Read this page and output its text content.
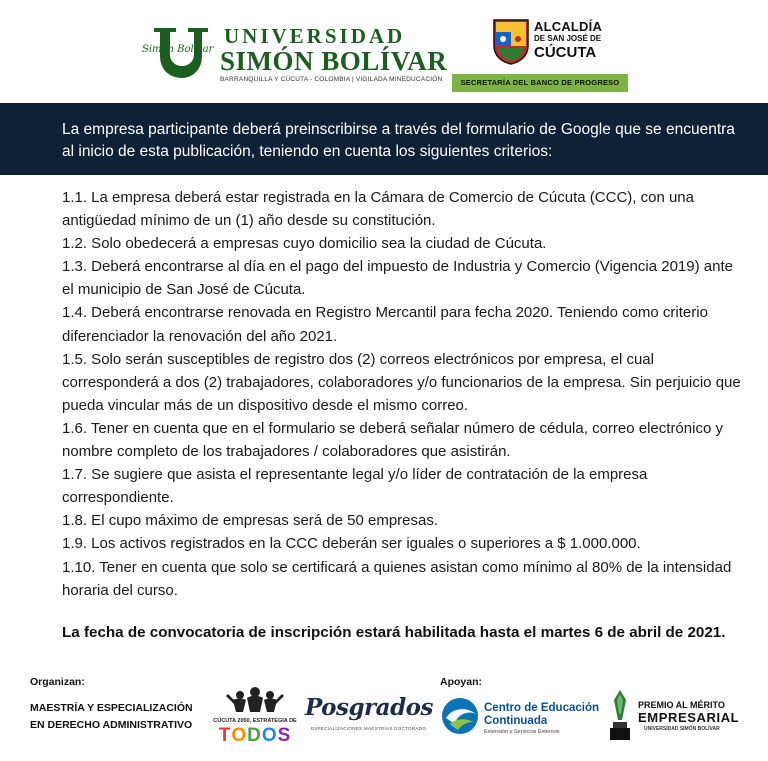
Simón Bolívar
UNIVERSIDAD
SIMÓN BOLÍVAR
BARRANQUILLA Y CÚCUTA - COLOMBIA | VIGILADA MINEDUCACIÓN
ALCALDÍA
DE SAN JOSÉ DE
CÚCUTA
SECRETARÍA DEL BANCO DE PROGRESO

La empresa participante deberá preinscribirse a través del formulario de Google que se encuentra al inicio de esta publicación, teniendo en cuenta los siguientes criterios:

1.1. La empresa deberá estar registrada en la Cámara de Comercio de Cúcuta (CCC), con una antigüedad mínimo de un (1) año desde su constitución.

1.2. Solo obedecerá a empresas cuyo domicilio sea la ciudad de Cúcuta.

1.3. Deberá encontrarse al día en el pago del impuesto de Industria y Comercio (Vigencia 2019) ante el municipio de San José de Cúcuta.

1.4. Deberá encontrarse renovada en Registro Mercantil para fecha 2020. Teniendo como criterio diferenciador la renovación del año 2021.

1.5. Solo serán susceptibles de registro dos (2) correos electrónicos por empresa, el cual corresponderá a dos (2) trabajadores, colaboradores y/o funcionarios de la empresa. Sin perjuicio que pueda vincular más de un dispositivo desde el mismo correo.

1.6. Tener en cuenta que en el formulario se deberá señalar número de cédula, correo electrónico y nombre completo de los trabajadores / colaboradores que asistirán.

1.7. Se sugiere que asista el representante legal y/o líder de contratación de la empresa correspondiente.

1.8. El cupo máximo de empresas será de 50 empresas.

1.9. Los activos registrados en la CCC deberán ser iguales o superiores a $ 1.000.000.

1.10. Tener en cuenta que solo se certificará a quienes asistan como mínimo al 80% de la intensidad horaria del curso.

La fecha de convocatoria de inscripción estará habilitada hasta el martes 6 de abril de 2021.
Organizan:
MAESTRÍA Y ESPECIALIZACIÓN
EN DERECHO ADMINISTRATIVO	CÚCUTA 2050, ESTRATEGIA DE
TODOS
Posgrados
ESPECIALIZACIONES MAESTRÍAS DOCTORADO
Apoyan:
Centro de Educación
Continuada
Extensión y Servicios Externos
PREMIO AL MÉRITO
EMPRESARIAL
UNIVERSIDAD SIMÓN BOLÍVAR
